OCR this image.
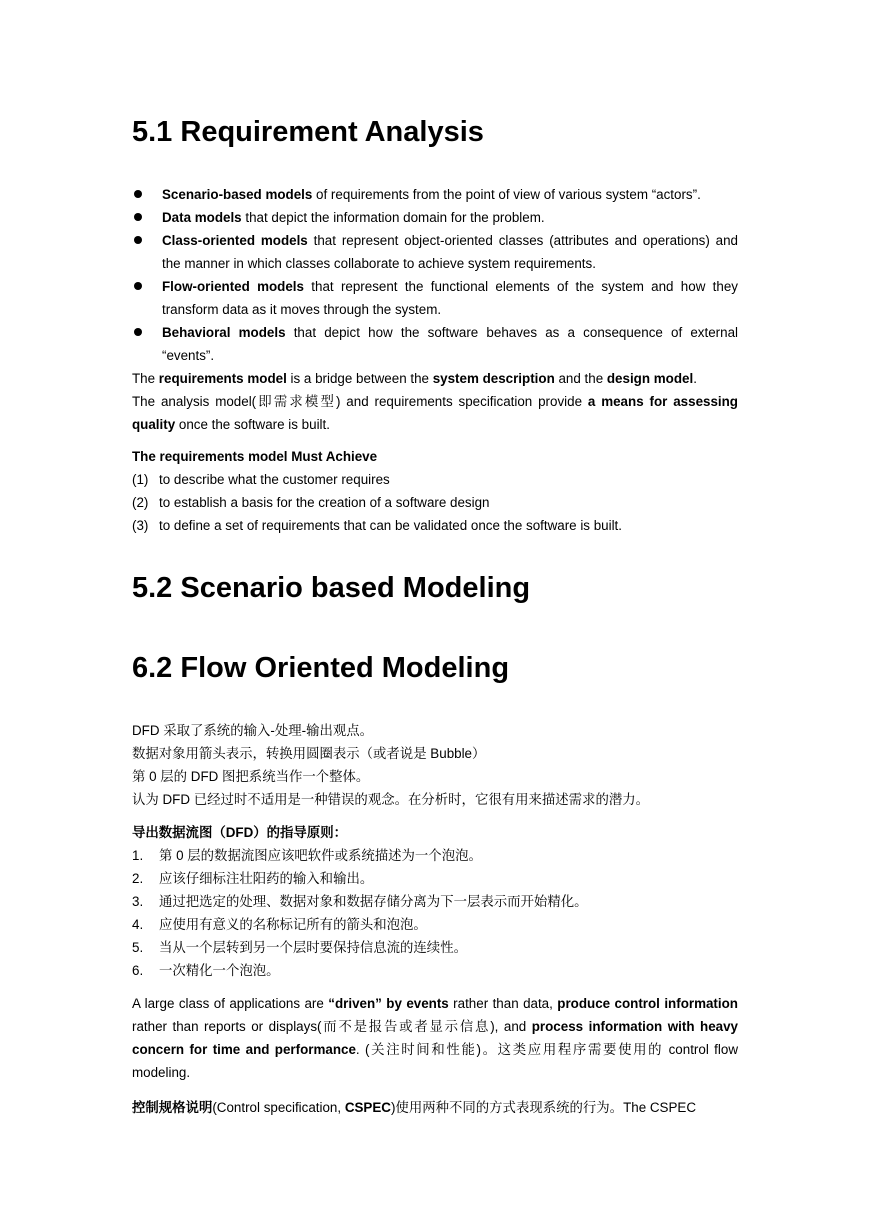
5.1 Requirement Analysis
Scenario-based models of requirements from the point of view of various system “actors”.
Data models that depict the information domain for the problem.
Class-oriented models that represent object-oriented classes (attributes and operations) and the manner in which classes collaborate to achieve system requirements.
Flow-oriented models that represent the functional elements of the system and how they transform data as it moves through the system.
Behavioral models that depict how the software behaves as a consequence of external “events”.

The requirements model is a bridge between the system description and the design model.

The analysis model(即需求模型) and requirements specification provide a means for assessing quality once the software is built.

The requirements model Must Achieve

(1) to describe what the customer requires
(2) to establish a basis for the creation of a software design
(3) to define a set of requirements that can be validated once the software is built.
5.2 Scenario based Modeling
6.2 Flow Oriented Modeling

DFD 采取了系统的输入-处理-输出观点。

数据对象用箭头表示，转换用圆圈表示（或者说是 Bubble）

第 0 层的 DFD 图把系统当作一个整体。

认为 DFD 已经过时不适用是一种错误的观念。在分析时，它很有用来描述需求的潜力。

导出数据流图（DFD）的指导原则：

1. 第 0 层的数据流图应该吧软件或系统描述为一个泡泡。
2. 应该仔细标注壮阳药的输入和输出。
3. 通过把选定的处理、数据对象和数据存储分离为下一层表示而开始精化。
4. 应使用有意义的名称标记所有的箭头和泡泡。
5. 当从一个层转到另一个层时要保持信息流的连续性。
6. 一次精化一个泡泡。

A large class of applications are “driven” by events rather than data, produce control information rather than reports or displays(而不是报告或者显示信息), and process information with heavy concern for time and performance. (关注时间和性能)。这类应用程序需要使用的 control flow modeling.

控制规格说明(Control specification, CSPEC)使用两种不同的方式表现系统的行为。The CSPEC
